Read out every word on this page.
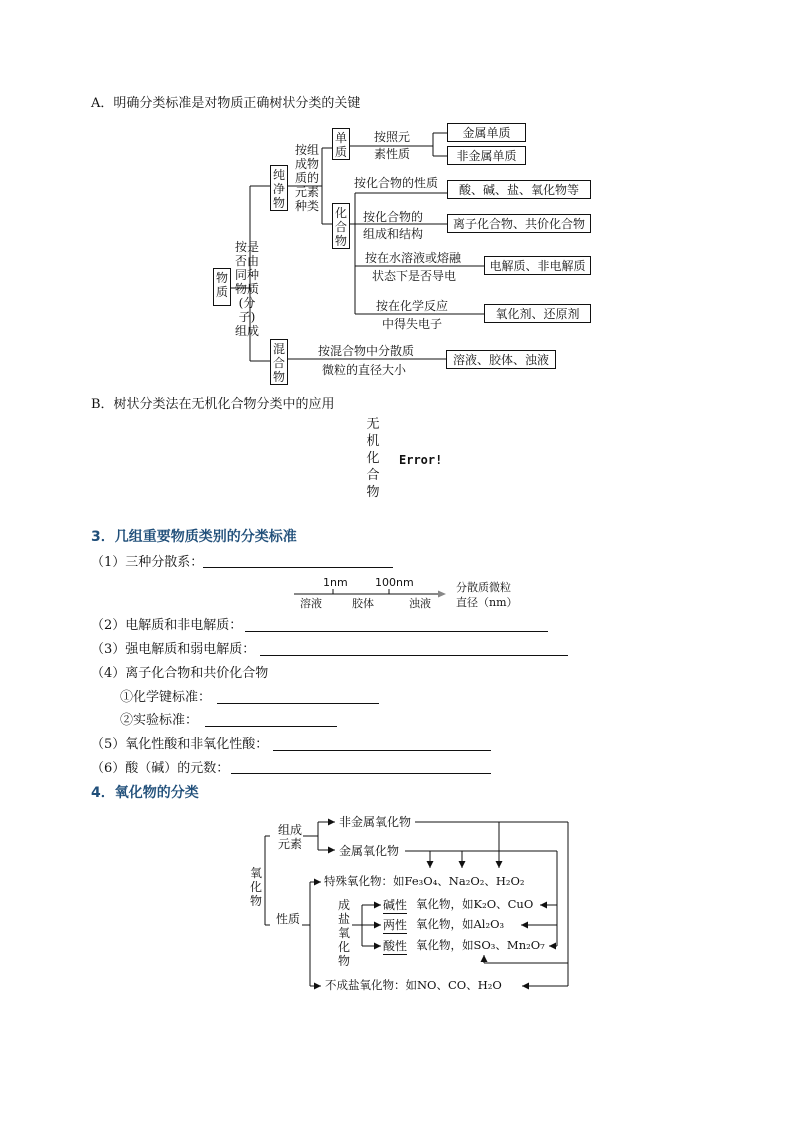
A．明确分类标准是对物质正确树状分类的关键
物质
按是
否由
同种
物质
(分子)
组成
纯净物
按组
成物
质的
元素
种类
单质
按照元
素性质
金属单质
非金属单质
化合物
按化合物的性质	酸、碱、盐、氧化物等
按化合物的
组成和结构
离子化合物、共价化合物
按在水溶液或熔融
状态下是否导电
电解质、非电解质
按在化学反应
中得失电子
氧化剂、还原剂
混合物
按混合物中分散质
微粒的直径大小
溶液、胶体、浊液
B．树状分类法在无机化合物分类中的应用
无机化合物
Error!
3．几组重要物质类别的分类标准
（1）三种分散系：
1nm 100nm
溶液	胶体	浊液
分散质微粒
直径（nm）
（2）电解质和非电解质：
（3）强电解质和弱电解质：
（4）离子化合物和共价化合物
①化学键标准：
②实验标准：
（5）氧化性酸和非氧化性酸：
（6）酸（碱）的元数：
4．氧化物的分类
氧化物
组成元素
性质
非金属氧化物
金属氧化物
特殊氧化物：如Fe₃O₄、Na₂O₂、H₂O₂
成盐氧化物
碱性 氧化物，如K₂O、CuO
两性 氧化物，如Al₂O₃
酸性 氧化物，如SO₃、Mn₂O₇
不成盐氧化物：如NO、CO、H₂O
